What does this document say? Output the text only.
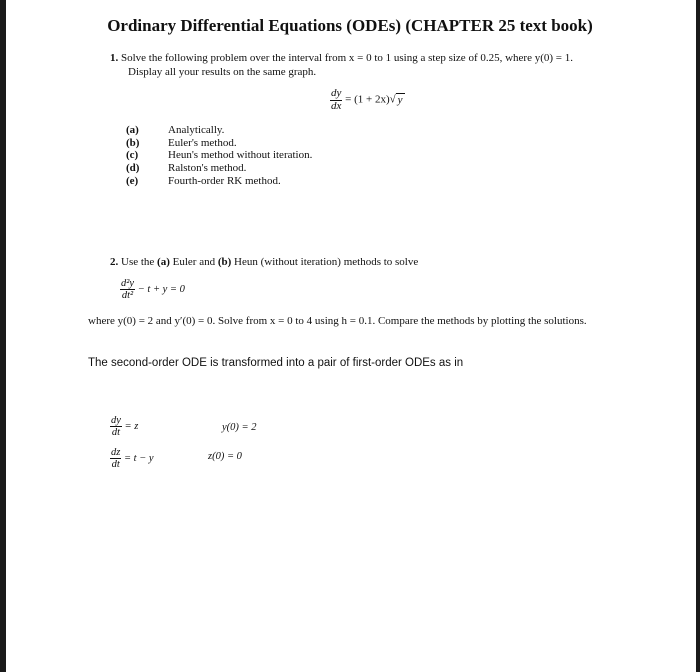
Ordinary Differential Equations (ODEs) (CHAPTER 25 text book)
1. Solve the following problem over the interval from x = 0 to 1 using a step size of 0.25, where y(0) = 1.
Display all your results on the same graph.
$\frac{dy}{dx} = (1 + 2x)√$ y
(a)	Analytically.
(b)	Euler's method.
(c)	Heun's method without iteration.
(d)	Ralston's method.
(e)	Fourth-order RK method.
2. Use the (a) Euler and (b) Heun (without iteration) methods to solve
$\frac{\text{d²y}}{\text{dt²}} - t + y = 0$
where y(0) = 2 and y′(0) = 0. Solve from x = 0 to 4 using h = 0.1. Compare the methods by plotting the solutions.
The second-order ODE is transformed into a pair of first-order ODEs as in
$\frac{dy}{dt} = z$	y(0) = 2
$\frac{dz}{dt} = t - y$	z(0) = 0
